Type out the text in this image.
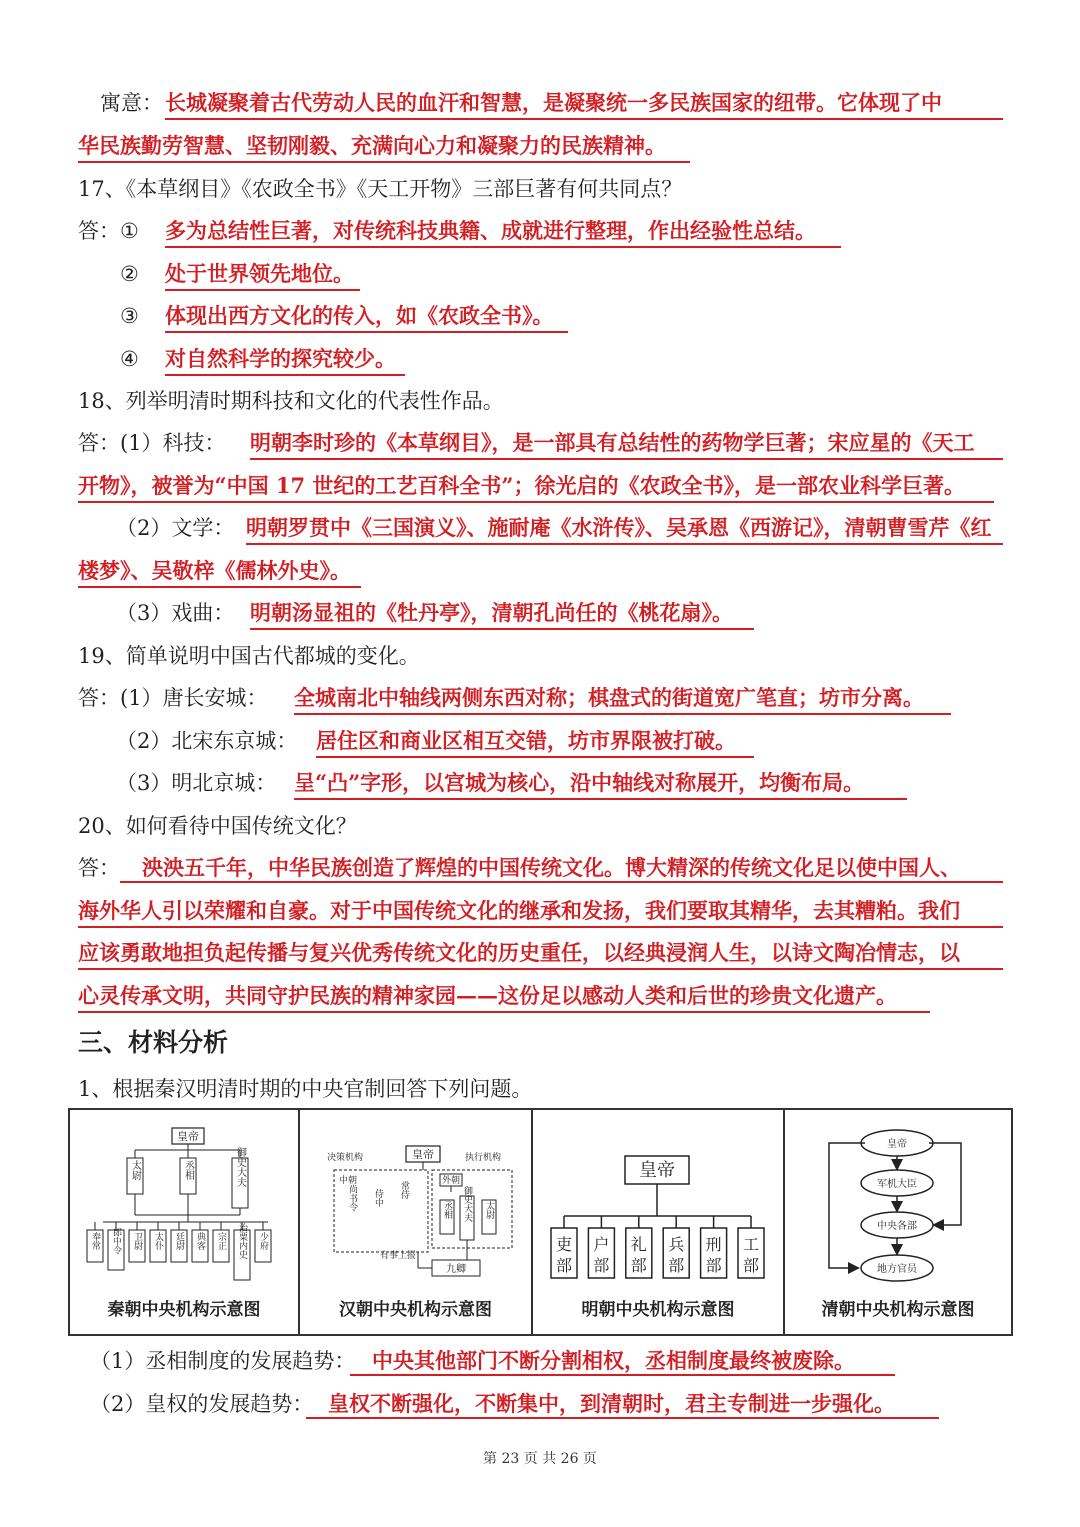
寓意： 长城凝聚着古代劳动人民的血汗和智慧，是凝聚统一多民族国家的纽带。它体现了中
华民族勤劳智慧、坚韧刚毅、充满向心力和凝聚力的民族精神。
17、《本草纲目》《农政全书》《天工开物》三部巨著有何共同点？
答： ① 多为总结性巨著，对传统科技典籍、成就进行整理，作出经验性总结。
② 处于世界领先地位。
③ 体现出西方文化的传入，如《农政全书》。
④ 对自然科学的探究较少。
18、列举明清时期科技和文化的代表性作品。
答：(1）科技： 明朝李时珍的《本草纲目》，是一部具有总结性的药物学巨著；宋应星的《天工
开物》，被誉为“中国 17 世纪的工艺百科全书”；徐光启的《农政全书》，是一部农业科学巨著。
（2）文学： 明朝罗贯中《三国演义》、施耐庵《水浒传》、吴承恩《西游记》，清朝曹雪芹《红
楼梦》、吴敬梓《儒林外史》。
（3）戏曲： 明朝汤显祖的《牡丹亭》，清朝孔尚任的《桃花扇》。
19、简单说明中国古代都城的变化。
答：(1）唐长安城： 全城南北中轴线两侧东西对称；棋盘式的街道宽广笔直；坊市分离。
（2）北宋东京城： 居住区和商业区相互交错，坊市界限被打破。
（3）明北京城： 呈“凸”字形，以宫城为核心，沿中轴线对称展开，均衡布局。
20、如何看待中国传统文化？
答：	泱泱五千年，中华民族创造了辉煌的中国传统文化。博大精深的传统文化足以使中国人、
海外华人引以荣耀和自豪。对于中国传统文化的继承和发扬，我们要取其精华，去其糟粕。我们
应该勇敢地担负起传播与复兴优秀传统文化的历史重任，以经典浸润人生，以诗文陶冶情志，以
心灵传承文明，共同守护民族的精神家园——这份足以感动人类和后世的珍贵文化遗产。
三、材料分析
1、根据秦汉明清时期的中央官制回答下列问题。
皇帝
太尉	丞相	御史大夫
奉常 郎中令 卫尉 太仆 廷尉 典客 宗正 治粟内史 少府
秦朝中央机构示意图
决策机构	执行机构
皇帝
中朝
尚书令 侍中 常侍	外朝
丞相 御史大夫 太尉
有事上报
九卿
汉朝中央机构示意图
皇帝
吏
部
户
部
礼
部
兵
部
刑
部
工
部
明朝中央机构示意图
皇帝
军机大臣
中央各部
地方官员
清朝中央机构示意图
（1）丞相制度的发展趋势： 中央其他部门不断分割相权，丞相制度最终被废除。
（2）皇权的发展趋势： 皇权不断强化，不断集中，到清朝时，君主专制进一步强化。
第 23 页 共 26 页
